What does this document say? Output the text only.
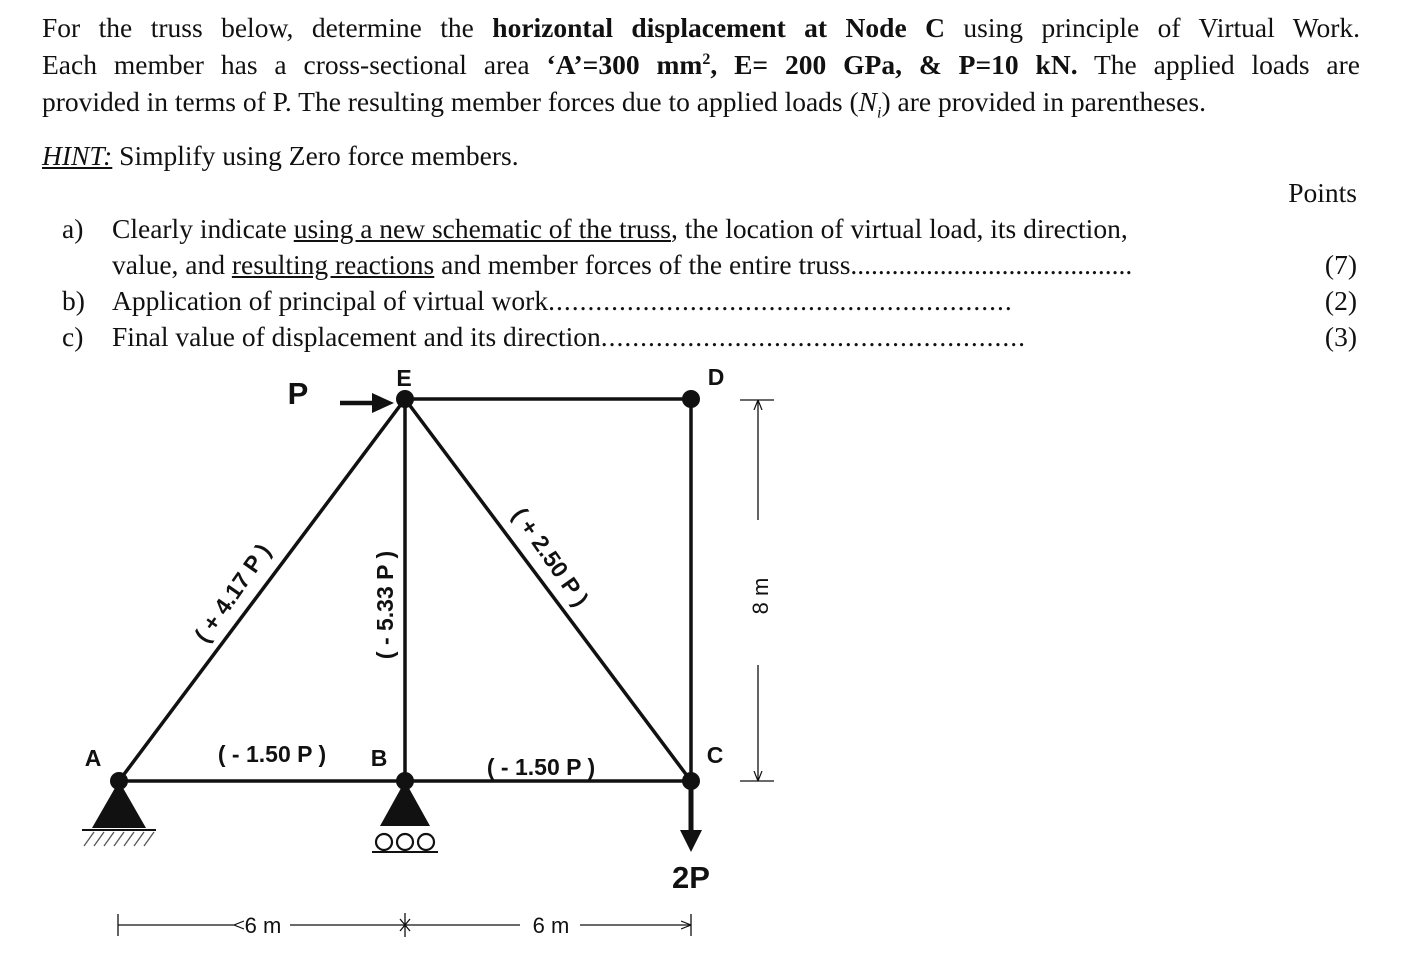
For the truss below, determine the horizontal displacement at Node C using principle of Virtual Work.

Each member has a cross-sectional area ‘A’=300 $mm^2$, E= 200 GPa, & P=10 kN. The applied loads are

provided in terms of P. The resulting member forces due to applied loads $(N_i)$ are provided in parentheses.

HINT: Simplify using Zero force members.

Points
a) Clearly indicate using a new schematic of the truss, the location of virtual load, its direction,
value, and resulting reactions and member forces of the entire truss.........................................	(7)
b) Application of principal of virtual work...........................................................	(2)
c) Final value of displacement and its direction......................................................	(3)
A	B	C
D
E
P
2P
( - 1.50 P )	( - 1.50 P )
( + 4.17 P )	( - 5.33 P )	( + 2.50 P )
6 m	6 m
8 m
